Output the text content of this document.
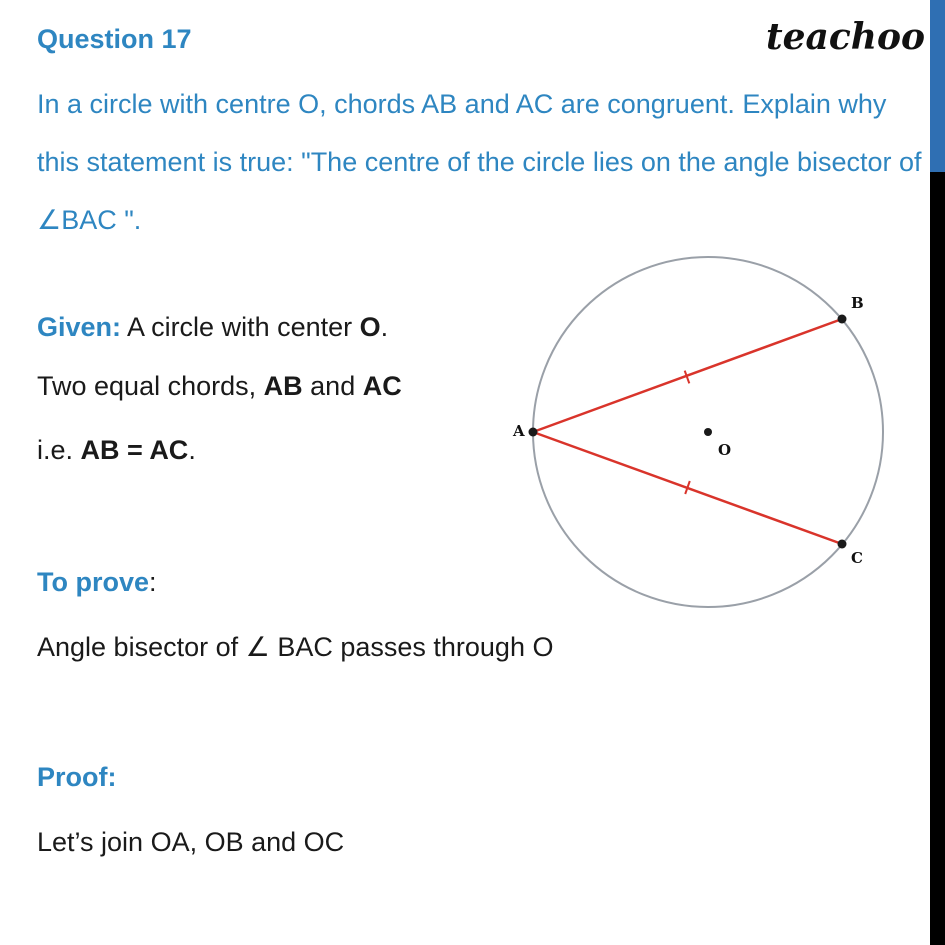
Question 17	teachoo
In a circle with centre O, chords AB and AC are congruent. Explain why this statement is true: "The centre of the circle lies on the angle bisector of ∠BAC ".
Given: A circle with center O.
Two equal chords, AB and AC
i.e. AB = AC.
To prove:
Angle bisector of ∠ BAC passes through O
Proof:
Let’s join OA, OB and OC
A
B
C
O
